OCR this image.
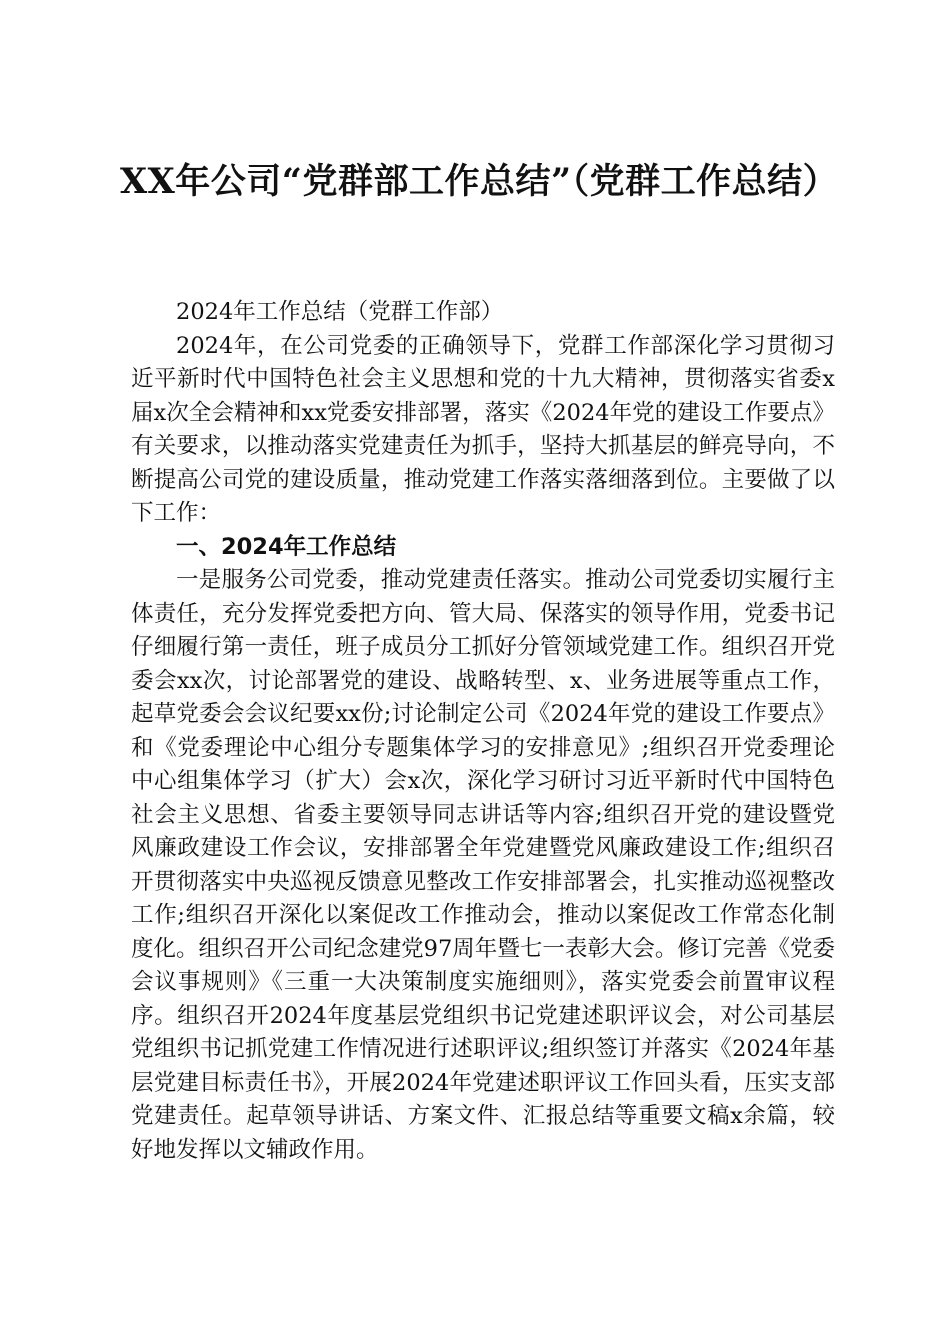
XX年公司“党群部工作总结”（党群工作总结）

2024年工作总结（党群工作部）

2024年，在公司党委的正确领导下，党群工作部深化学习贯彻习近平新时代中国特色社会主义思想和党的十九大精神，贯彻落实省委x届x次全会精神和xx党委安排部署，落实《2024年党的建设工作要点》有关要求，以推动落实党建责任为抓手，坚持大抓基层的鲜亮导向，不断提高公司党的建设质量，推动党建工作落实落细落到位。主要做了以下工作：

一、2024年工作总结

一是服务公司党委，推动党建责任落实。推动公司党委切实履行主体责任，充分发挥党委把方向、管大局、保落实的领导作用，党委书记仔细履行第一责任，班子成员分工抓好分管领域党建工作。组织召开党委会xx次，讨论部署党的建设、战略转型、x、业务进展等重点工作，起草党委会会议纪要xx份;讨论制定公司《2024年党的建设工作要点》和《党委理论中心组分专题集体学习的安排意见》;组织召开党委理论中心组集体学习（扩大）会x次，深化学习研讨习近平新时代中国特色社会主义思想、省委主要领导同志讲话等内容;组织召开党的建设暨党风廉政建设工作会议，安排部署全年党建暨党风廉政建设工作;组织召开贯彻落实中央巡视反馈意见整改工作安排部署会，扎实推动巡视整改工作;组织召开深化以案促改工作推动会，推动以案促改工作常态化制度化。组织召开公司纪念建党97周年暨七一表彰大会。修订完善《党委会议事规则》《三重一大决策制度实施细则》，落实党委会前置审议程序。组织召开2024年度基层党组织书记党建述职评议会，对公司基层党组织书记抓党建工作情况进行述职评议;组织签订并落实《2024年基层党建目标责任书》，开展2024年党建述职评议工作回头看，压实支部党建责任。起草领导讲话、方案文件、汇报总结等重要文稿x余篇，较好地发挥以文辅政作用。
